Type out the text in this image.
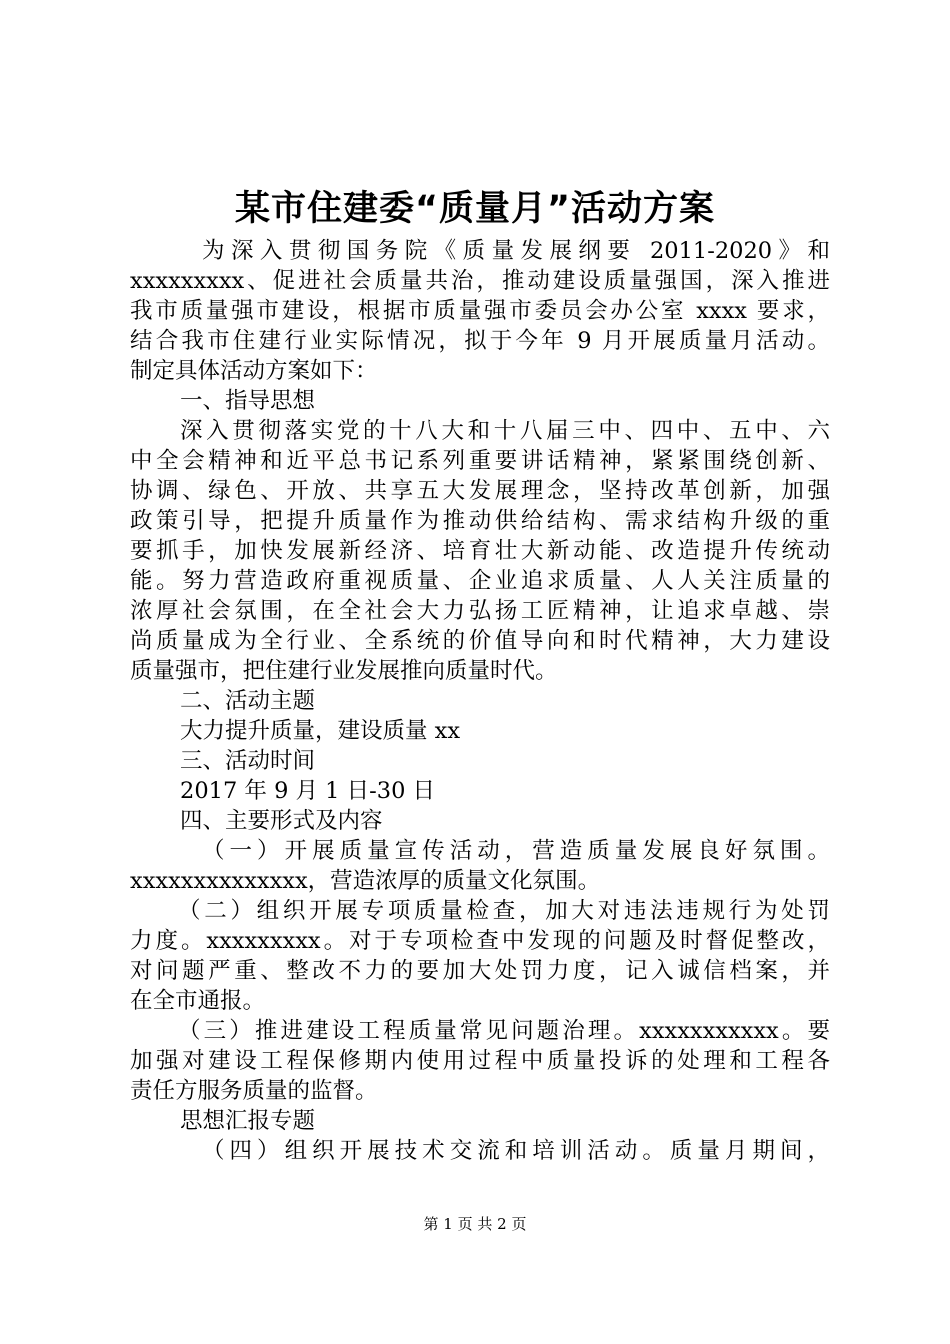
某市住建委“质量月”活动方案
为深入贯彻国务院《质量发展纲要 2011-2020》和
xxxxxxxxx、促进社会质量共治，推动建设质量强国，深入推进
我市质量强市建设，根据市质量强市委员会办公室 xxxx 要求，
结合我市住建行业实际情况，拟于今年 9 月开展质量月活动。
制定具体活动方案如下：
一、指导思想
深入贯彻落实党的十八大和十八届三中、四中、五中、六
中全会精神和近平总书记系列重要讲话精神，紧紧围绕创新、
协调、绿色、开放、共享五大发展理念，坚持改革创新，加强
政策引导，把提升质量作为推动供给结构、需求结构升级的重
要抓手，加快发展新经济、培育壮大新动能、改造提升传统动
能。努力营造政府重视质量、企业追求质量、人人关注质量的
浓厚社会氛围，在全社会大力弘扬工匠精神，让追求卓越、崇
尚质量成为全行业、全系统的价值导向和时代精神，大力建设
质量强市，把住建行业发展推向质量时代。
二、活动主题
大力提升质量，建设质量 xx
三、活动时间
2017 年 9 月 1 日-30 日
四、主要形式及内容
（一）开展质量宣传活动，营造质量发展良好氛围。
xxxxxxxxxxxxxx，营造浓厚的质量文化氛围。
（二）组织开展专项质量检查，加大对违法违规行为处罚
力度。xxxxxxxxx。对于专项检查中发现的问题及时督促整改，
对问题严重、整改不力的要加大处罚力度，记入诚信档案，并
在全市通报。
（三）推进建设工程质量常见问题治理。xxxxxxxxxxx。要
加强对建设工程保修期内使用过程中质量投诉的处理和工程各
责任方服务质量的监督。
思想汇报专题
（四）组织开展技术交流和培训活动。质量月期间，
第 1 页 共 2 页
